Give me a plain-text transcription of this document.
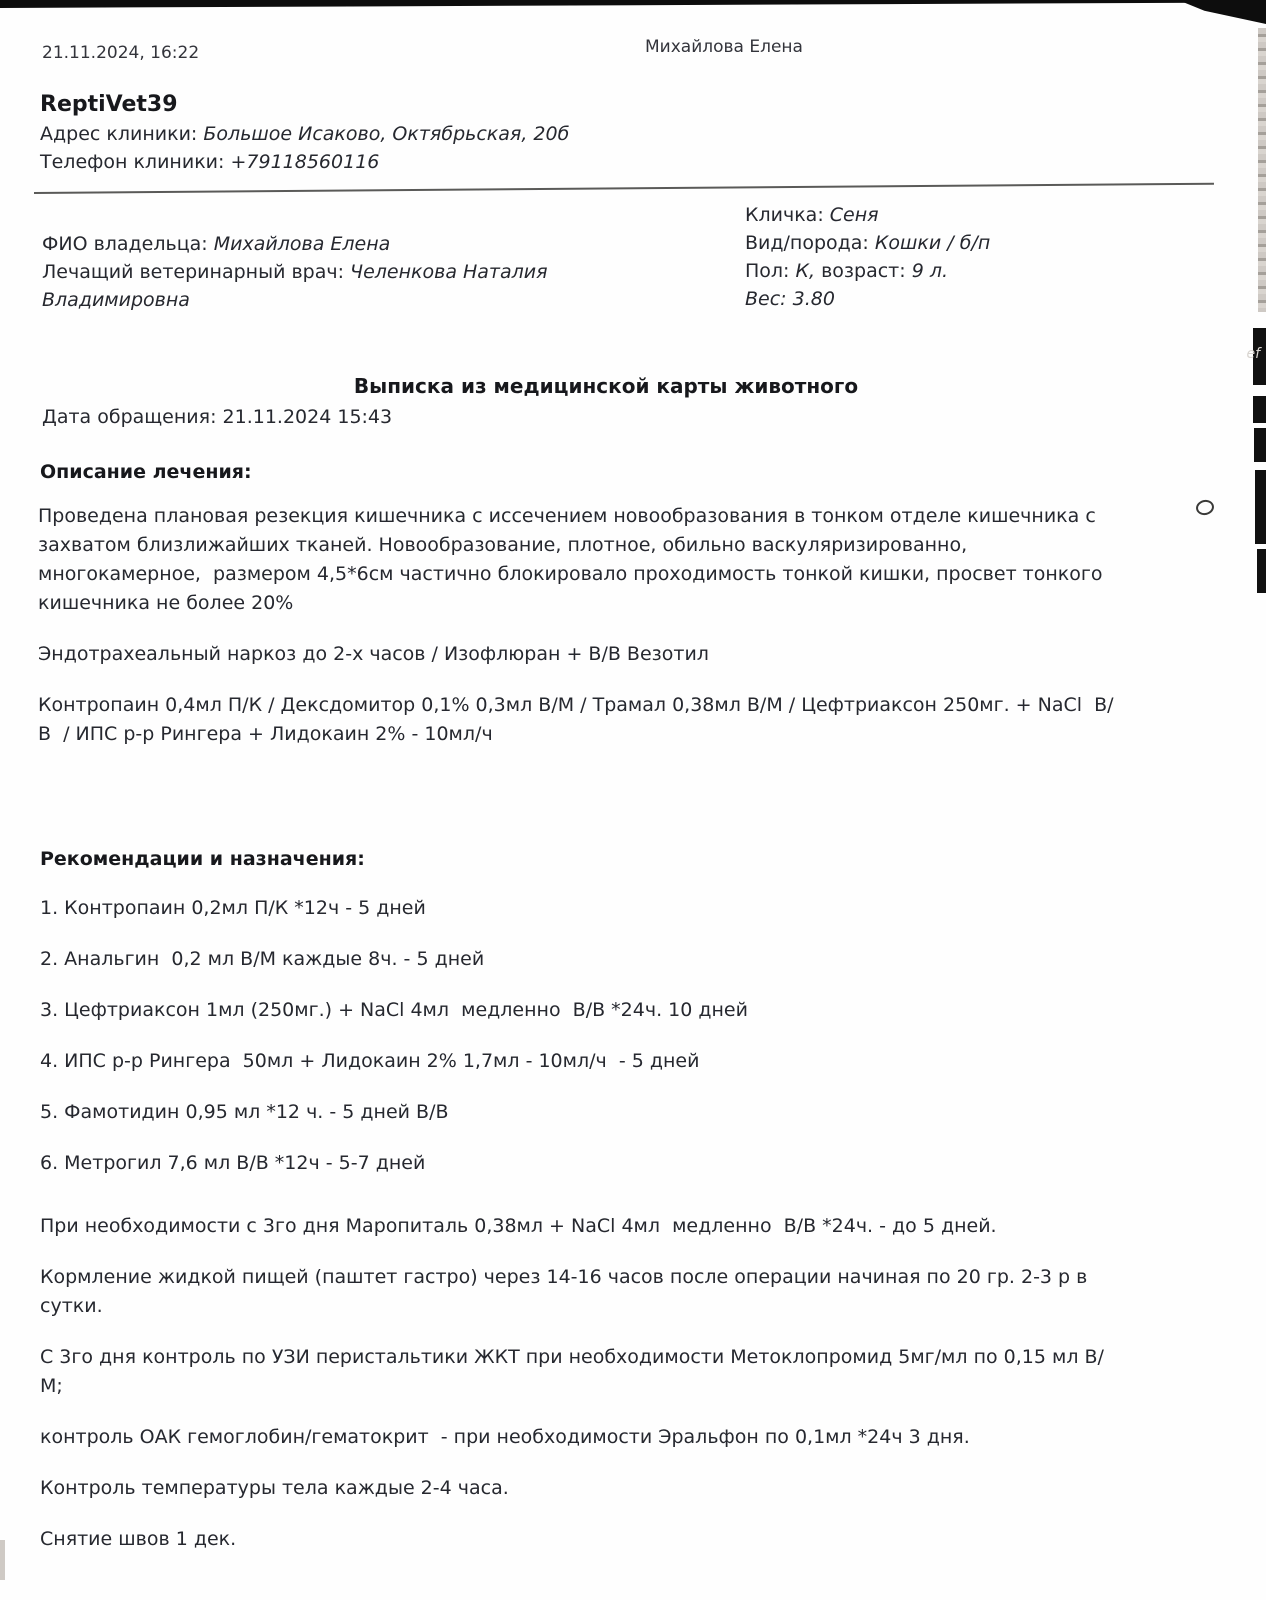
ef
21.11.2024, 16:22	Михайлова Елена
ReptiVet39
Адрес клиники: Большое Исаково, Октябрьская, 20б
Телефон клиники: +79118560116
ФИО владельца: Михайлова Елена
Лечащий ветеринарный врач: Челенкова Наталия Владимировна
Кличка: Сеня
Вид/порода: Кошки / б/п
Пол: К, возраст: 9 л.
Вес: 3.80
Выписка из медицинской карты животного
Дата обращения: 21.11.2024 15:43
Описание лечения:

Проведена плановая резекция кишечника с иссечением новообразования в тонком отделе кишечника с захватом близлижайших тканей. Новообразование, плотное, обильно васкуляризированно, многокамерное,  размером 4,5*6см частично блокировало проходимость тонкой кишки, просвет тонкого кишечника не более 20%

Эндотрахеальный наркоз до 2-х часов / Изофлюран + В/В Везотил

Контропаин 0,4мл П/К / Дексдомитор 0,1% 0,3мл В/М / Трамал 0,38мл В/М / Цефтриаксон 250мг. + NaCl  В/В  / ИПС р-р Рингера + Лидокаин 2% - 10мл/ч

Рекомендации и назначения:
1. Контропаин 0,2мл П/К *12ч - 5 дней
2. Анальгин  0,2 мл В/М каждые 8ч. - 5 дней
3. Цефтриаксон 1мл (250мг.) + NaCl 4мл  медленно  В/В *24ч. 10 дней
4. ИПС р-р Рингера  50мл + Лидокаин 2% 1,7мл - 10мл/ч  - 5 дней
5. Фамотидин 0,95 мл *12 ч. - 5 дней В/В
6. Метрогил 7,6 мл В/В *12ч - 5-7 дней

При необходимости с 3го дня Маропиталь 0,38мл + NaCl 4мл  медленно  В/В *24ч. - до 5 дней.

Кормление жидкой пищей (паштет гастро) через 14-16 часов после операции начиная по 20 гр. 2-3 р в сутки.

С 3го дня контроль по УЗИ перистальтики ЖКТ при необходимости Метоклопромид 5мг/мл по 0,15 мл В/М;

контроль ОАК гемоглобин/гематокрит  - при необходимости Эральфон по 0,1мл *24ч 3 дня.

Контроль температуры тела каждые 2-4 часа.

Снятие швов 1 дек.
